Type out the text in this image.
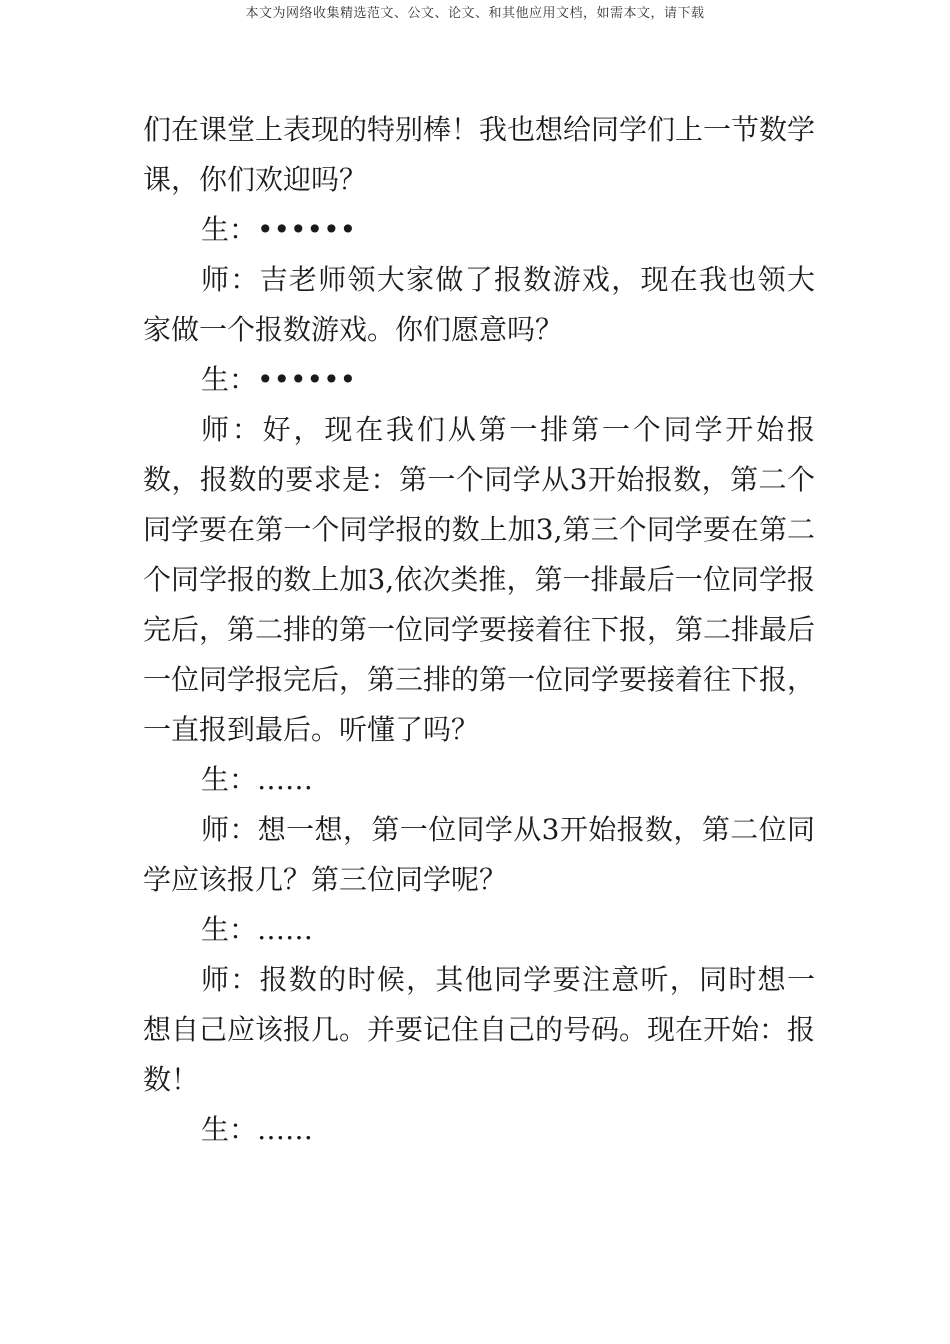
本文为网络收集精选范文、公文、论文、和其他应用文档，如需本文，请下载

们在课堂上表现的特别棒！我也想给同学们上一节数学课，你们欢迎吗？

生：••••••

师：吉老师领大家做了报数游戏，现在我也领大家做一个报数游戏。你们愿意吗？

生：••••••

师：好，现在我们从第一排第一个同学开始报数，报数的要求是：第一个同学从3开始报数，第二个同学要在第一个同学报的数上加3,第三个同学要在第二个同学报的数上加3,依次类推，第一排最后一位同学报完后，第二排的第一位同学要接着往下报，第二排最后一位同学报完后，第三排的第一位同学要接着往下报，一直报到最后。听懂了吗？

生：……

师：想一想，第一位同学从3开始报数，第二位同学应该报几？第三位同学呢？

生：……

师：报数的时候，其他同学要注意听，同时想一想自己应该报几。并要记住自己的号码。现在开始：报数！

生：……
